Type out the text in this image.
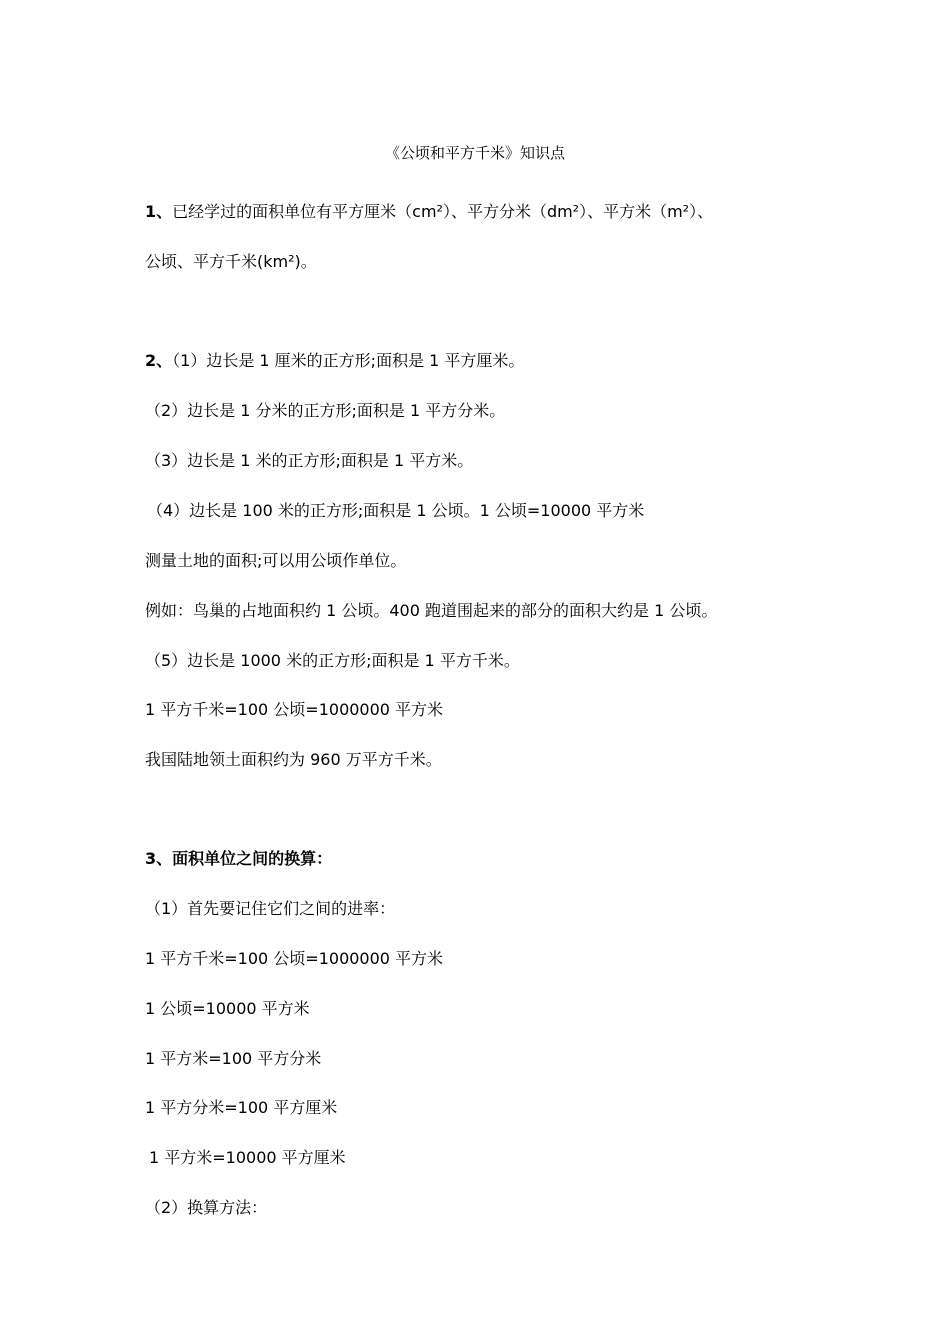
《公顷和平方千米》知识点
1、已经学过的面积单位有平方厘米（cm²）、平方分米（dm²）、平方米（m²）、
公顷、平方千米(km²)。
2、（1）边长是 1 厘米的正方形;面积是 1 平方厘米。
（2）边长是 1 分米的正方形;面积是 1 平方分米。
（3）边长是 1 米的正方形;面积是 1 平方米。
（4）边长是 100 米的正方形;面积是 1 公顷。1 公顷=10000 平方米
测量土地的面积;可以用公顷作单位。
例如：鸟巢的占地面积约 1 公顷。400 跑道围起来的部分的面积大约是 1 公顷。
（5）边长是 1000 米的正方形;面积是 1 平方千米。
1 平方千米=100 公顷=1000000 平方米
我国陆地领土面积约为 960 万平方千米。
3、面积单位之间的换算：
（1）首先要记住它们之间的进率：
1 平方千米=100 公顷=1000000 平方米
1 公顷=10000 平方米
1 平方米=100 平方分米
1 平方分米=100 平方厘米
1 平方米=10000 平方厘米
（2）换算方法：
